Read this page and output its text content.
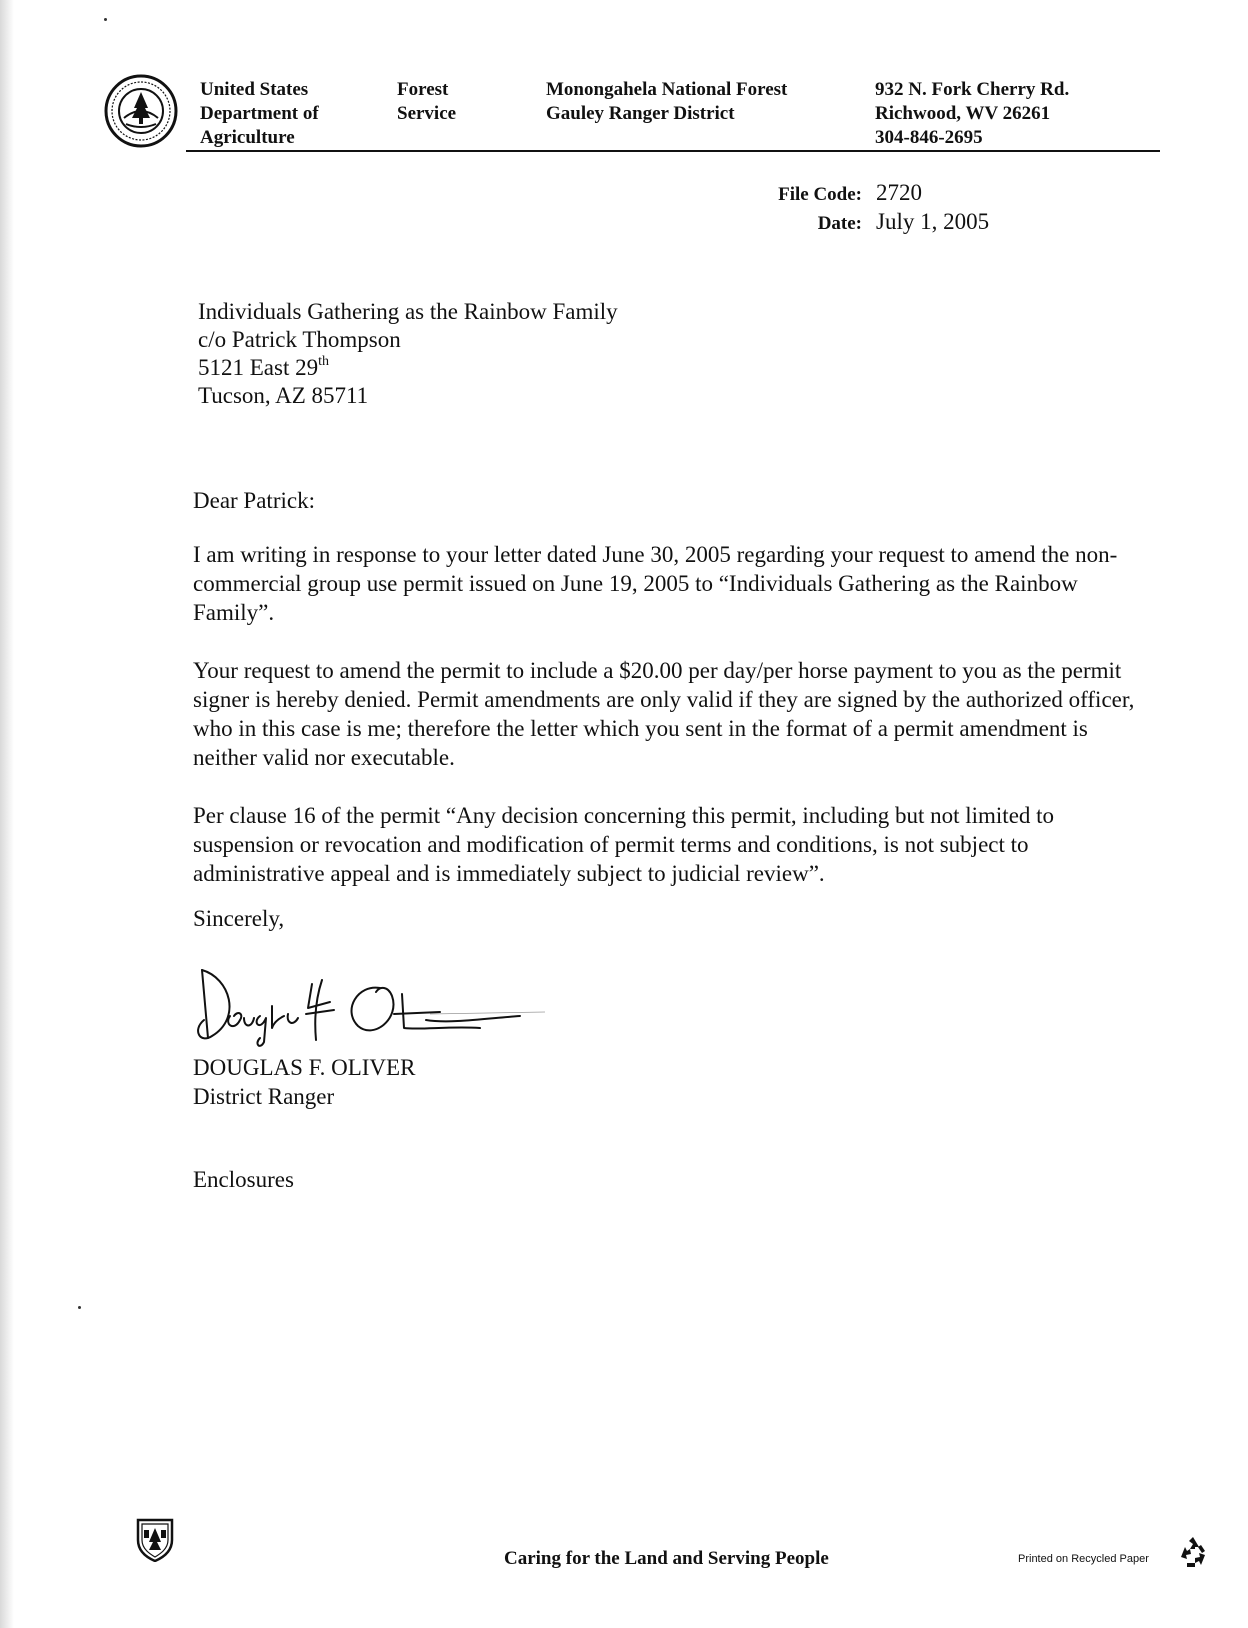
United States
Department of
Agriculture
Forest
Service
Monongahela National Forest
Gauley Ranger District
932 N. Fork Cherry Rd.
Richwood, WV 26261
304-846-2695
File Code: 2720
Date: July 1, 2005
Individuals Gathering as the Rainbow Family
c/o Patrick Thompson
5121 East 29th
Tucson, AZ 85711

Dear Patrick:

I am writing in response to your letter dated June 30, 2005 regarding your request to amend the non-commercial group use permit issued on June 19, 2005 to “Individuals Gathering as the Rainbow Family”.

Your request to amend the permit to include a $20.00 per day/per horse payment to you as the permit signer is hereby denied. Permit amendments are only valid if they are signed by the authorized officer, who in this case is me; therefore the letter which you sent in the format of a permit amendment is neither valid nor executable.

Per clause 16 of the permit “Any decision concerning this permit, including but not limited to suspension or revocation and modification of permit terms and conditions, is not subject to administrative appeal and is immediately subject to judicial review”.

Sincerely,
DOUGLAS F. OLIVER
District Ranger
Enclosures
Caring for the Land and Serving People	Printed on Recycled Paper
